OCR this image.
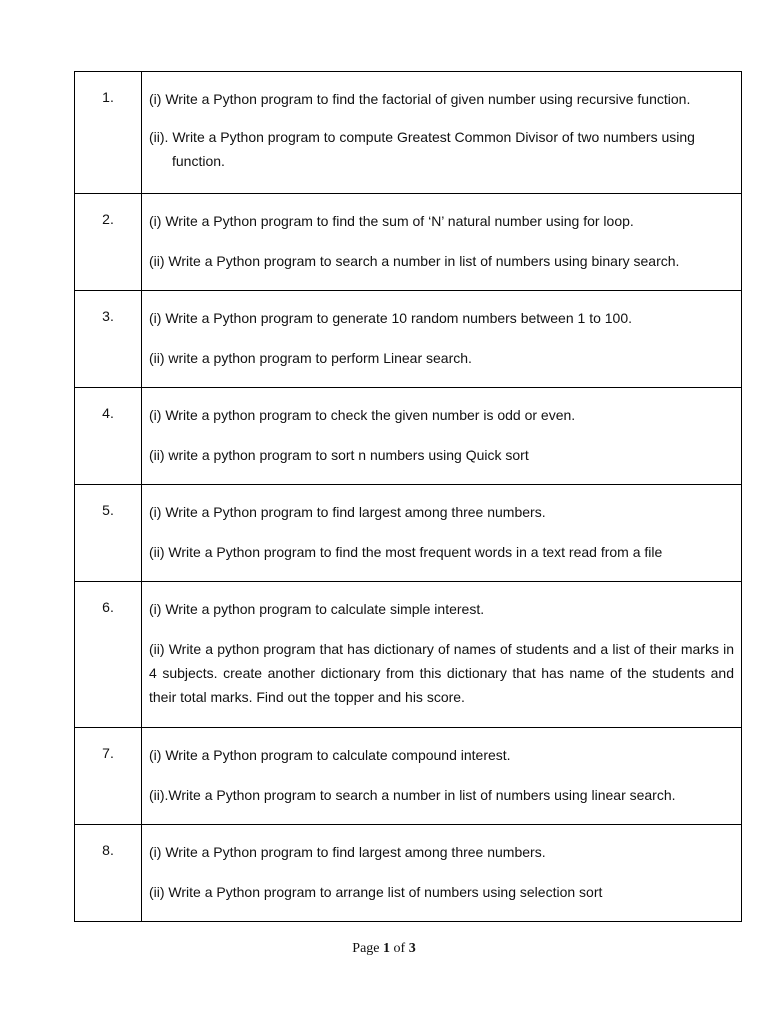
1.	(i) Write a Python program to find the factorial of given number using recursive function.

(ii). Write a Python program to compute Greatest Common Divisor of two numbers using function.

2.	(i) Write a Python program to find the sum of ‘N’ natural number using for loop.

(ii) Write a Python program to search a number in list of numbers using binary search.

3.	(i) Write a Python program to generate 10 random numbers between 1 to 100.

(ii) write a python program to perform Linear search.

4.	(i) Write a python program to check the given number is odd or even.

(ii) write a python program to sort n numbers using Quick sort

5.	(i) Write a Python program to find largest among three numbers.

(ii) Write a Python program to find the most frequent words in a text read from a file

6.	(i) Write a python program to calculate simple interest.

(ii) Write a python program that has dictionary of names of students and a list of their marks in 4 subjects. create another dictionary from this dictionary that has name of the students and their total marks. Find out the topper and his score.

7.	(i) Write a Python program to calculate compound interest.

(ii).Write a Python program to search a number in list of numbers using linear search.

8.	(i) Write a Python program to find largest among three numbers.

(ii) Write a Python program to arrange list of numbers using selection sort

Page 1 of 3
